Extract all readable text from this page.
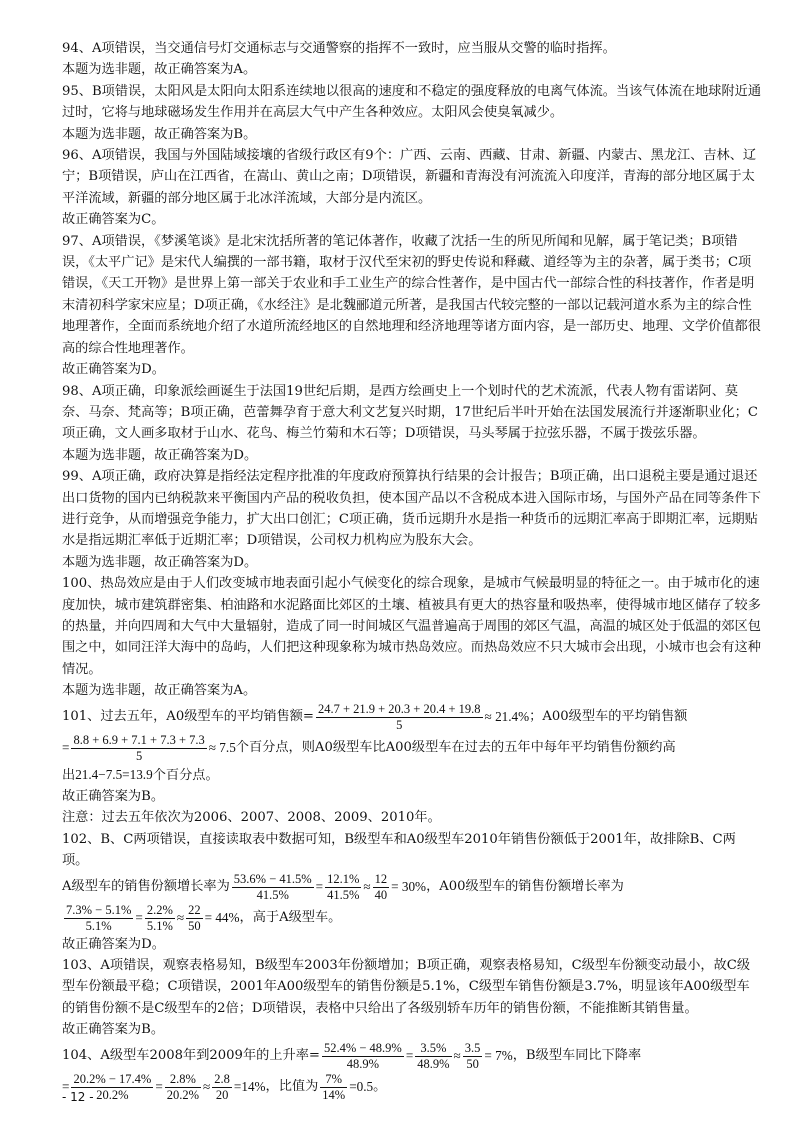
94、A项错误，当交通信号灯交通标志与交通警察的指挥不一致时，应当服从交警的临时指挥。

本题为选非题，故正确答案为A。

95、B项错误，太阳风是太阳向太阳系连续地以很高的速度和不稳定的强度释放的电离气体流。当该气体流在地球附近通过时，它将与地球磁场发生作用并在高层大气中产生各种效应。太阳风会使臭氧减少。

本题为选非题，故正确答案为B。

96、A项错误，我国与外国陆域接壤的省级行政区有9个：广西、云南、西藏、甘肃、新疆、内蒙古、黑龙江、吉林、辽宁；B项错误，庐山在江西省，在嵩山、黄山之南；D项错误，新疆和青海没有河流流入印度洋，青海的部分地区属于太平洋流域，新疆的部分地区属于北冰洋流域，大部分是内流区。

故正确答案为C。

97、A项错误，《梦溪笔谈》是北宋沈括所著的笔记体著作，收藏了沈括一生的所见所闻和见解，属于笔记类；B项错误，《太平广记》是宋代人编撰的一部书籍，取材于汉代至宋初的野史传说和释藏、道经等为主的杂著，属于类书；C项错误，《天工开物》是世界上第一部关于农业和手工业生产的综合性著作，是中国古代一部综合性的科技著作，作者是明末清初科学家宋应星；D项正确，《水经注》是北魏郦道元所著，是我国古代较完整的一部以记载河道水系为主的综合性地理著作，全面而系统地介绍了水道所流经地区的自然地理和经济地理等诸方面内容，是一部历史、地理、文学价值都很高的综合性地理著作。

故正确答案为D。

98、A项正确，印象派绘画诞生于法国19世纪后期，是西方绘画史上一个划时代的艺术流派，代表人物有雷诺阿、莫奈、马奈、梵高等；B项正确，芭蕾舞孕育于意大利文艺复兴时期，17世纪后半叶开始在法国发展流行并逐渐职业化；C项正确，文人画多取材于山水、花鸟、梅兰竹菊和木石等；D项错误，马头琴属于拉弦乐器，不属于拨弦乐器。

本题为选非题，故正确答案为D。

99、A项正确，政府决算是指经法定程序批准的年度政府预算执行结果的会计报告；B项正确，出口退税主要是通过退还出口货物的国内已纳税款来平衡国内产品的税收负担，使本国产品以不含税成本进入国际市场，与国外产品在同等条件下进行竞争，从而增强竞争能力，扩大出口创汇；C项正确，货币远期升水是指一种货币的远期汇率高于即期汇率，远期贴水是指远期汇率低于近期汇率；D项错误，公司权力机构应为股东大会。

本题为选非题，故正确答案为D。

100、热岛效应是由于人们改变城市地表面引起小气候变化的综合现象，是城市气候最明显的特征之一。由于城市化的速度加快，城市建筑群密集、柏油路和水泥路面比郊区的土壤、植被具有更大的热容量和吸热率，使得城市地区储存了较多的热量，并向四周和大气中大量辐射，造成了同一时间城区气温普遍高于周围的郊区气温，高温的城区处于低温的郊区包围之中，如同汪洋大海中的岛屿，人们把这种现象称为城市热岛效应。而热岛效应不只大城市会出现，小城市也会有这种情况。

本题为选非题，故正确答案为A。

101、过去五年，A0级型车的平均销售额= $\frac{24.7 + 21.9 + 20.3 + 20.4 + 19.8}{5} \approx 21.4\%$ ；A00级型车的平均销售额
= $\frac{8.8 + 6.9 + 7.1 + 7.3 + 7.3}{5} \approx 7.5$ 个百分点，则A0级型车比A00级型车在过去的五年中每年平均销售份额约高
出21.4−7.5=13.9个百分点。

故正确答案为B。

注意：过去五年依次为2006、2007、2008、2009、2010年。

102、B、C两项错误，直接读取表中数据可知，B级型车和A0级型车2010年销售份额低于2001年，故排除B、C两项。

A级型车的销售份额增长率为 $\frac{53.6\% - 41.5\%}{41.5\%} = \frac{12.1\%}{41.5\%} \approx \frac{12}{40} = 30\%$ ，A00级型车的销售份额增长率为
$\frac{7.3\% - 5.1\%}{5.1\%} = \frac{2.2\%}{5.1\%} \approx \frac{22}{50} = 44\%$ ，高于A级型车。

故正确答案为D。

103、A项错误，观察表格易知，B级型车2003年份额增加；B项正确，观察表格易知，C级型车份额变动最小，故C级型车份额最平稳；C项错误，2001年A00级型车的销售份额是5.1%，C级型车销售份额是3.7%，明显该年A00级型车的销售份额不是C级型车的2倍；D项错误，表格中只给出了各级别轿车历年的销售份额，不能推断其销售量。

故正确答案为B。

104、A级型车2008年到2009年的上升率= $\frac{52.4\% - 48.9\%}{48.9\%} = \frac{3.5\%}{48.9\%} \approx \frac{3.5}{50} = 7\%$ ，B级型车同比下降率
= $\frac{20.2\% - 17.4\%}{20.2\%} = \frac{2.8\%}{20.2\%} \approx \frac{2.8}{20} =14\%$ ，比值为 $\frac{7\%}{14\%} =0.5$ 。
- 12 -
